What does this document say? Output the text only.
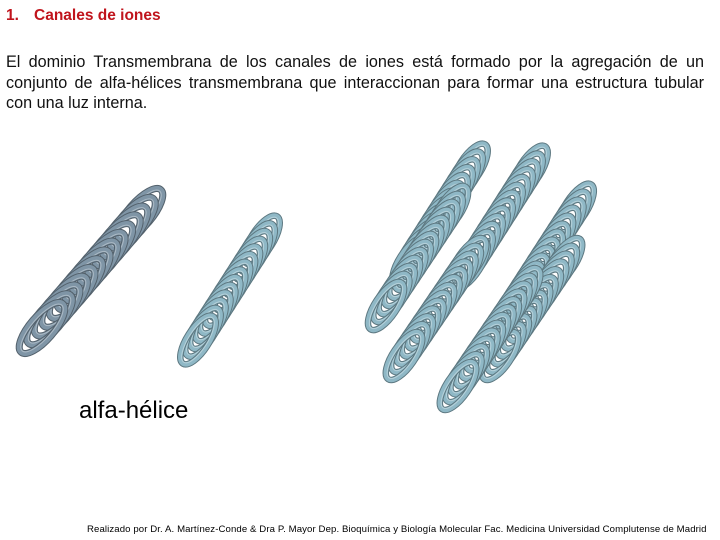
1. Canales de iones
El dominio Transmembrana de los canales de iones está formado por la agregación de un conjunto de alfa-hélices transmembrana que interaccionan para formar una estructura tubular con una luz interna.
alfa-hélice
Realizado por Dr. A. Martínez-Conde & Dra P. Mayor Dep. Bioquímica y Biología Molecular Fac. Medicina Universidad Complutense de Madrid
